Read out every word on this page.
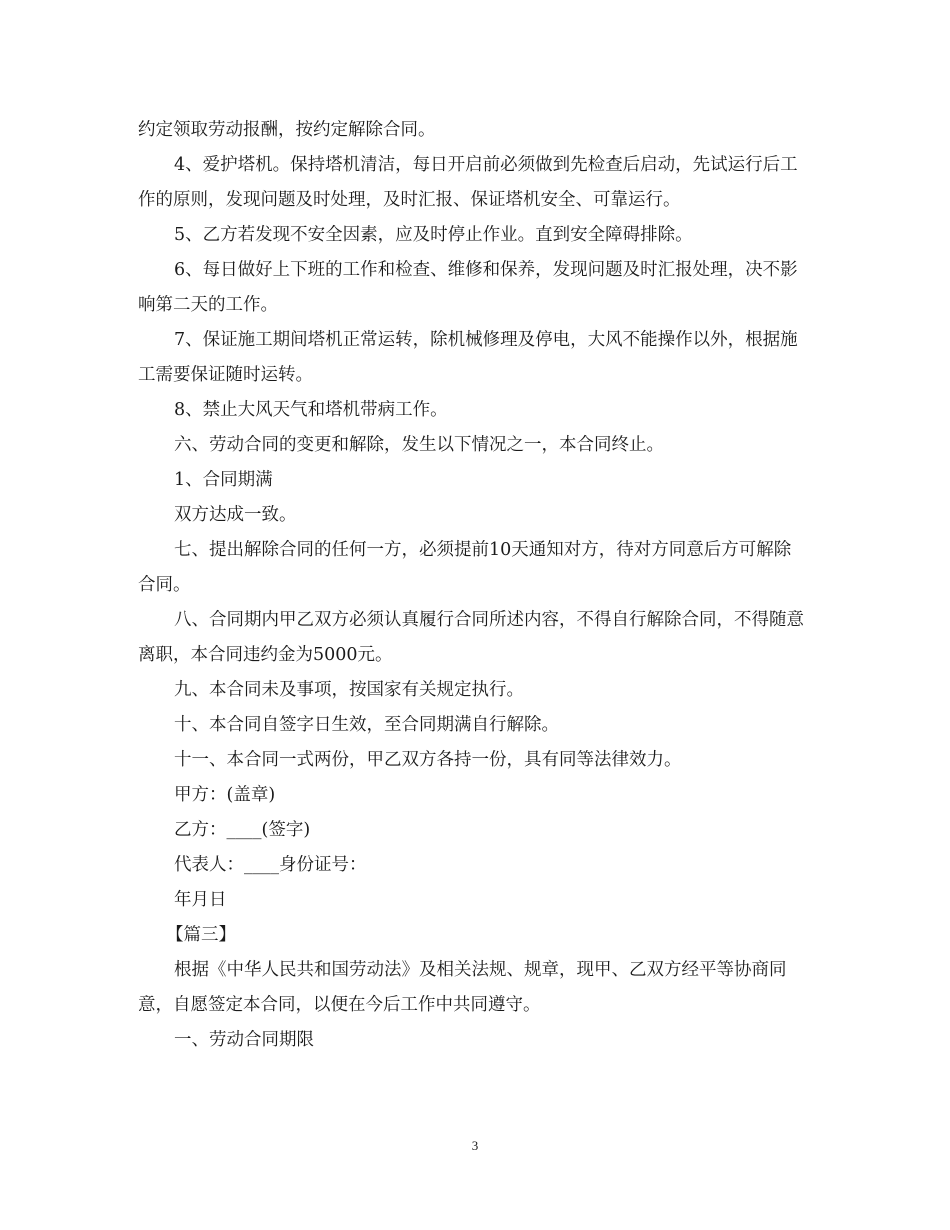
约定领取劳动报酬，按约定解除合同。

4、爱护塔机。保持塔机清洁，每日开启前必须做到先检查后启动，先试运行后工作的原则，发现问题及时处理，及时汇报、保证塔机安全、可靠运行。

5、乙方若发现不安全因素，应及时停止作业。直到安全障碍排除。

6、每日做好上下班的工作和检查、维修和保养，发现问题及时汇报处理，决不影响第二天的工作。

7、保证施工期间塔机正常运转，除机械修理及停电，大风不能操作以外，根据施工需要保证随时运转。

8、禁止大风天气和塔机带病工作。

六、劳动合同的变更和解除，发生以下情况之一，本合同终止。

1、合同期满

双方达成一致。

七、提出解除合同的任何一方，必须提前10天通知对方，待对方同意后方可解除合同。

八、合同期内甲乙双方必须认真履行合同所述内容，不得自行解除合同，不得随意离职，本合同违约金为5000元。

九、本合同未及事项，按国家有关规定执行。

十、本合同自签字日生效，至合同期满自行解除。

十一、本合同一式两份，甲乙双方各持一份，具有同等法律效力。

甲方：(盖章)

乙方：____(签字)

代表人：____身份证号：

年月日

【篇三】

根据《中华人民共和国劳动法》及相关法规、规章，现甲、乙双方经平等协商同意，自愿签定本合同，以便在今后工作中共同遵守。

一、劳动合同期限

3
